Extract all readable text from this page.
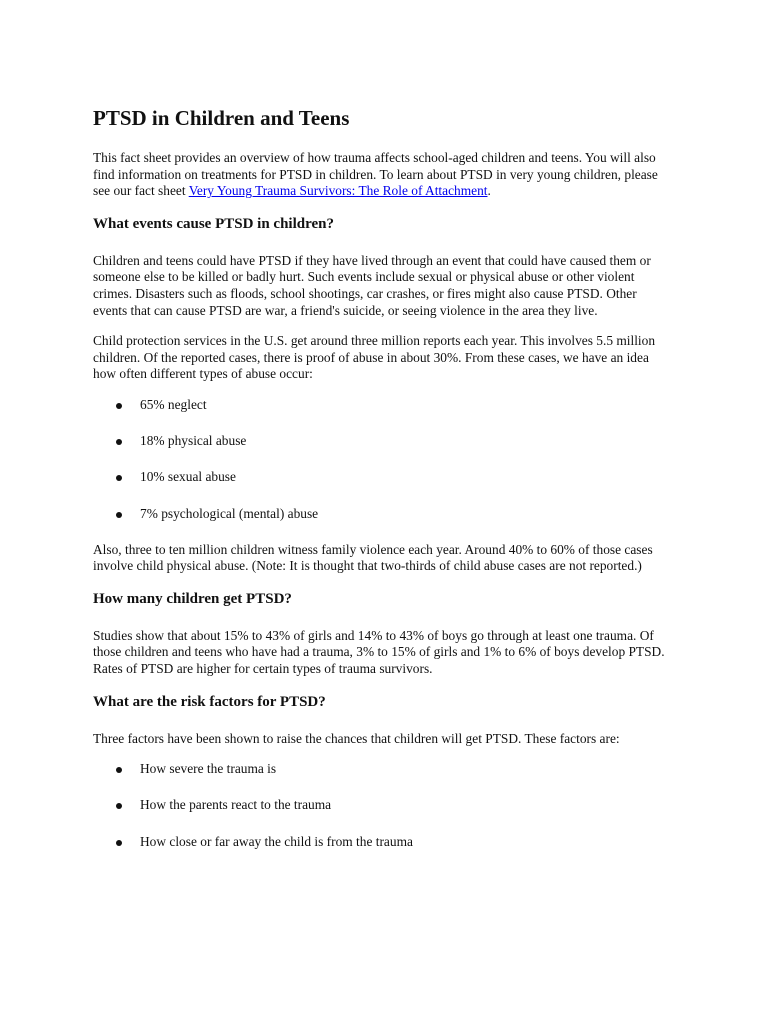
PTSD in Children and Teens

This fact sheet provides an overview of how trauma affects school-aged children and teens. You will also find information on treatments for PTSD in children. To learn about PTSD in very young children, please see our fact sheet Very Young Trauma Survivors: The Role of Attachment.

What events cause PTSD in children?

Children and teens could have PTSD if they have lived through an event that could have caused them or someone else to be killed or badly hurt. Such events include sexual or physical abuse or other violent crimes. Disasters such as floods, school shootings, car crashes, or fires might also cause PTSD. Other events that can cause PTSD are war, a friend's suicide, or seeing violence in the area they live.

Child protection services in the U.S. get around three million reports each year. This involves 5.5 million children. Of the reported cases, there is proof of abuse in about 30%. From these cases, we have an idea how often different types of abuse occur:

65% neglect
18% physical abuse
10% sexual abuse
7% psychological (mental) abuse

Also, three to ten million children witness family violence each year. Around 40% to 60% of those cases involve child physical abuse. (Note: It is thought that two-thirds of child abuse cases are not reported.)

How many children get PTSD?

Studies show that about 15% to 43% of girls and 14% to 43% of boys go through at least one trauma. Of those children and teens who have had a trauma, 3% to 15% of girls and 1% to 6% of boys develop PTSD. Rates of PTSD are higher for certain types of trauma survivors.

What are the risk factors for PTSD?

Three factors have been shown to raise the chances that children will get PTSD. These factors are:

How severe the trauma is
How the parents react to the trauma
How close or far away the child is from the trauma
